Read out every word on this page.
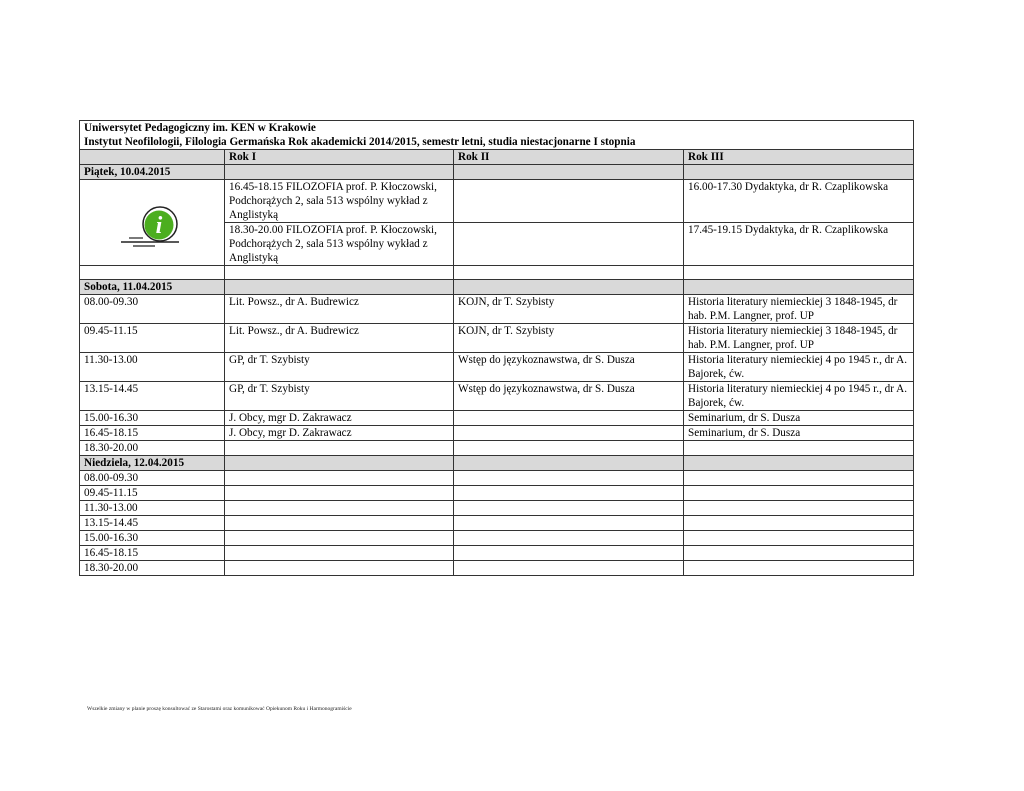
Uniwersytet Pedagogiczny im. KEN w Krakowie
Instytut Neofilologii, Filologia Germańska Rok akademicki 2014/2015, semestr letni, studia niestacjonarne I stopnia			
	Rok I	Rok II	Rok III
Piątek, 10.04.2015			

i	16.45-18.15 FILOZOFIA prof. P. Kłoczowski, Podchorążych 2, sala 513 wspólny wykład z Anglistyką		16.00-17.30 Dydaktyka, dr R. Czaplikowska
	18.30-20.00 FILOZOFIA prof. P. Kłoczowski, Podchorążych 2, sala 513 wspólny wykład z Anglistyką		17.45-19.15 Dydaktyka, dr R. Czaplikowska

Sobota, 11.04.2015			
08.00-09.30	Lit. Powsz., dr A. Budrewicz	KOJN, dr T. Szybisty	Historia literatury niemieckiej 3 1848-1945, dr hab. P.M. Langner, prof. UP
09.45-11.15	Lit. Powsz., dr A. Budrewicz	KOJN, dr T. Szybisty	Historia literatury niemieckiej 3 1848-1945, dr hab. P.M. Langner, prof. UP
11.30-13.00	GP, dr T. Szybisty	Wstęp do językoznawstwa, dr S. Dusza	Historia literatury niemieckiej 4 po 1945 r., dr A. Bajorek, ćw.
13.15-14.45	GP, dr T. Szybisty	Wstęp do językoznawstwa, dr S. Dusza	Historia literatury niemieckiej 4 po 1945 r., dr A. Bajorek, ćw.
15.00-16.30	J. Obcy, mgr D. Zakrawacz		Seminarium, dr S. Dusza
16.45-18.15	J. Obcy, mgr D. Zakrawacz		Seminarium, dr S. Dusza
18.30-20.00			
Niedziela, 12.04.2015			
08.00-09.30			
09.45-11.15			
11.30-13.00			
13.15-14.45			
15.00-16.30			
16.45-18.15			
18.30-20.00			
Wszelkie zmiany w planie proszę konsultować ze Starostami oraz komunikować Opiekunom Roku i Harmonogramiście
